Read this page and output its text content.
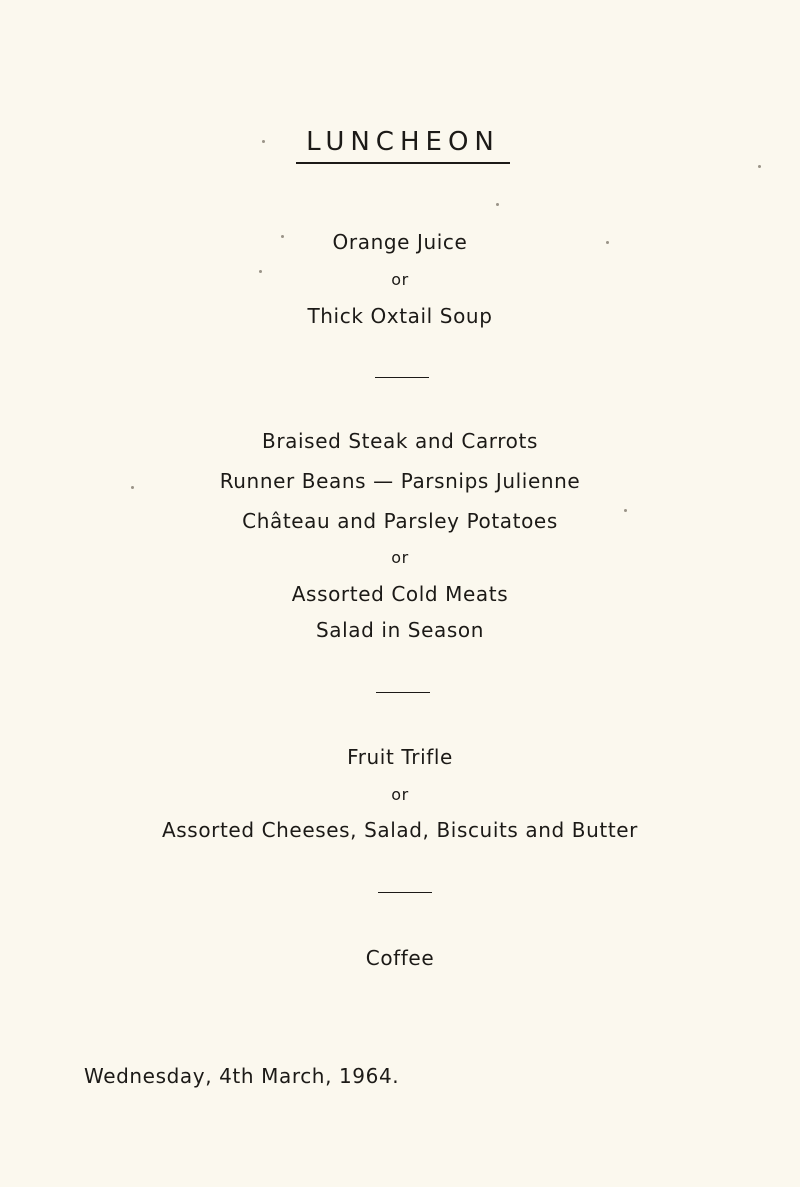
LUNCHEON
Orange Juice
or
Thick Oxtail Soup
Braised Steak and Carrots
Runner Beans — Parsnips Julienne
Château and Parsley Potatoes
or
Assorted Cold Meats
Salad in Season
Fruit Trifle
or
Assorted Cheeses, Salad, Biscuits and Butter
Coffee
Wednesday, 4th March, 1964.
